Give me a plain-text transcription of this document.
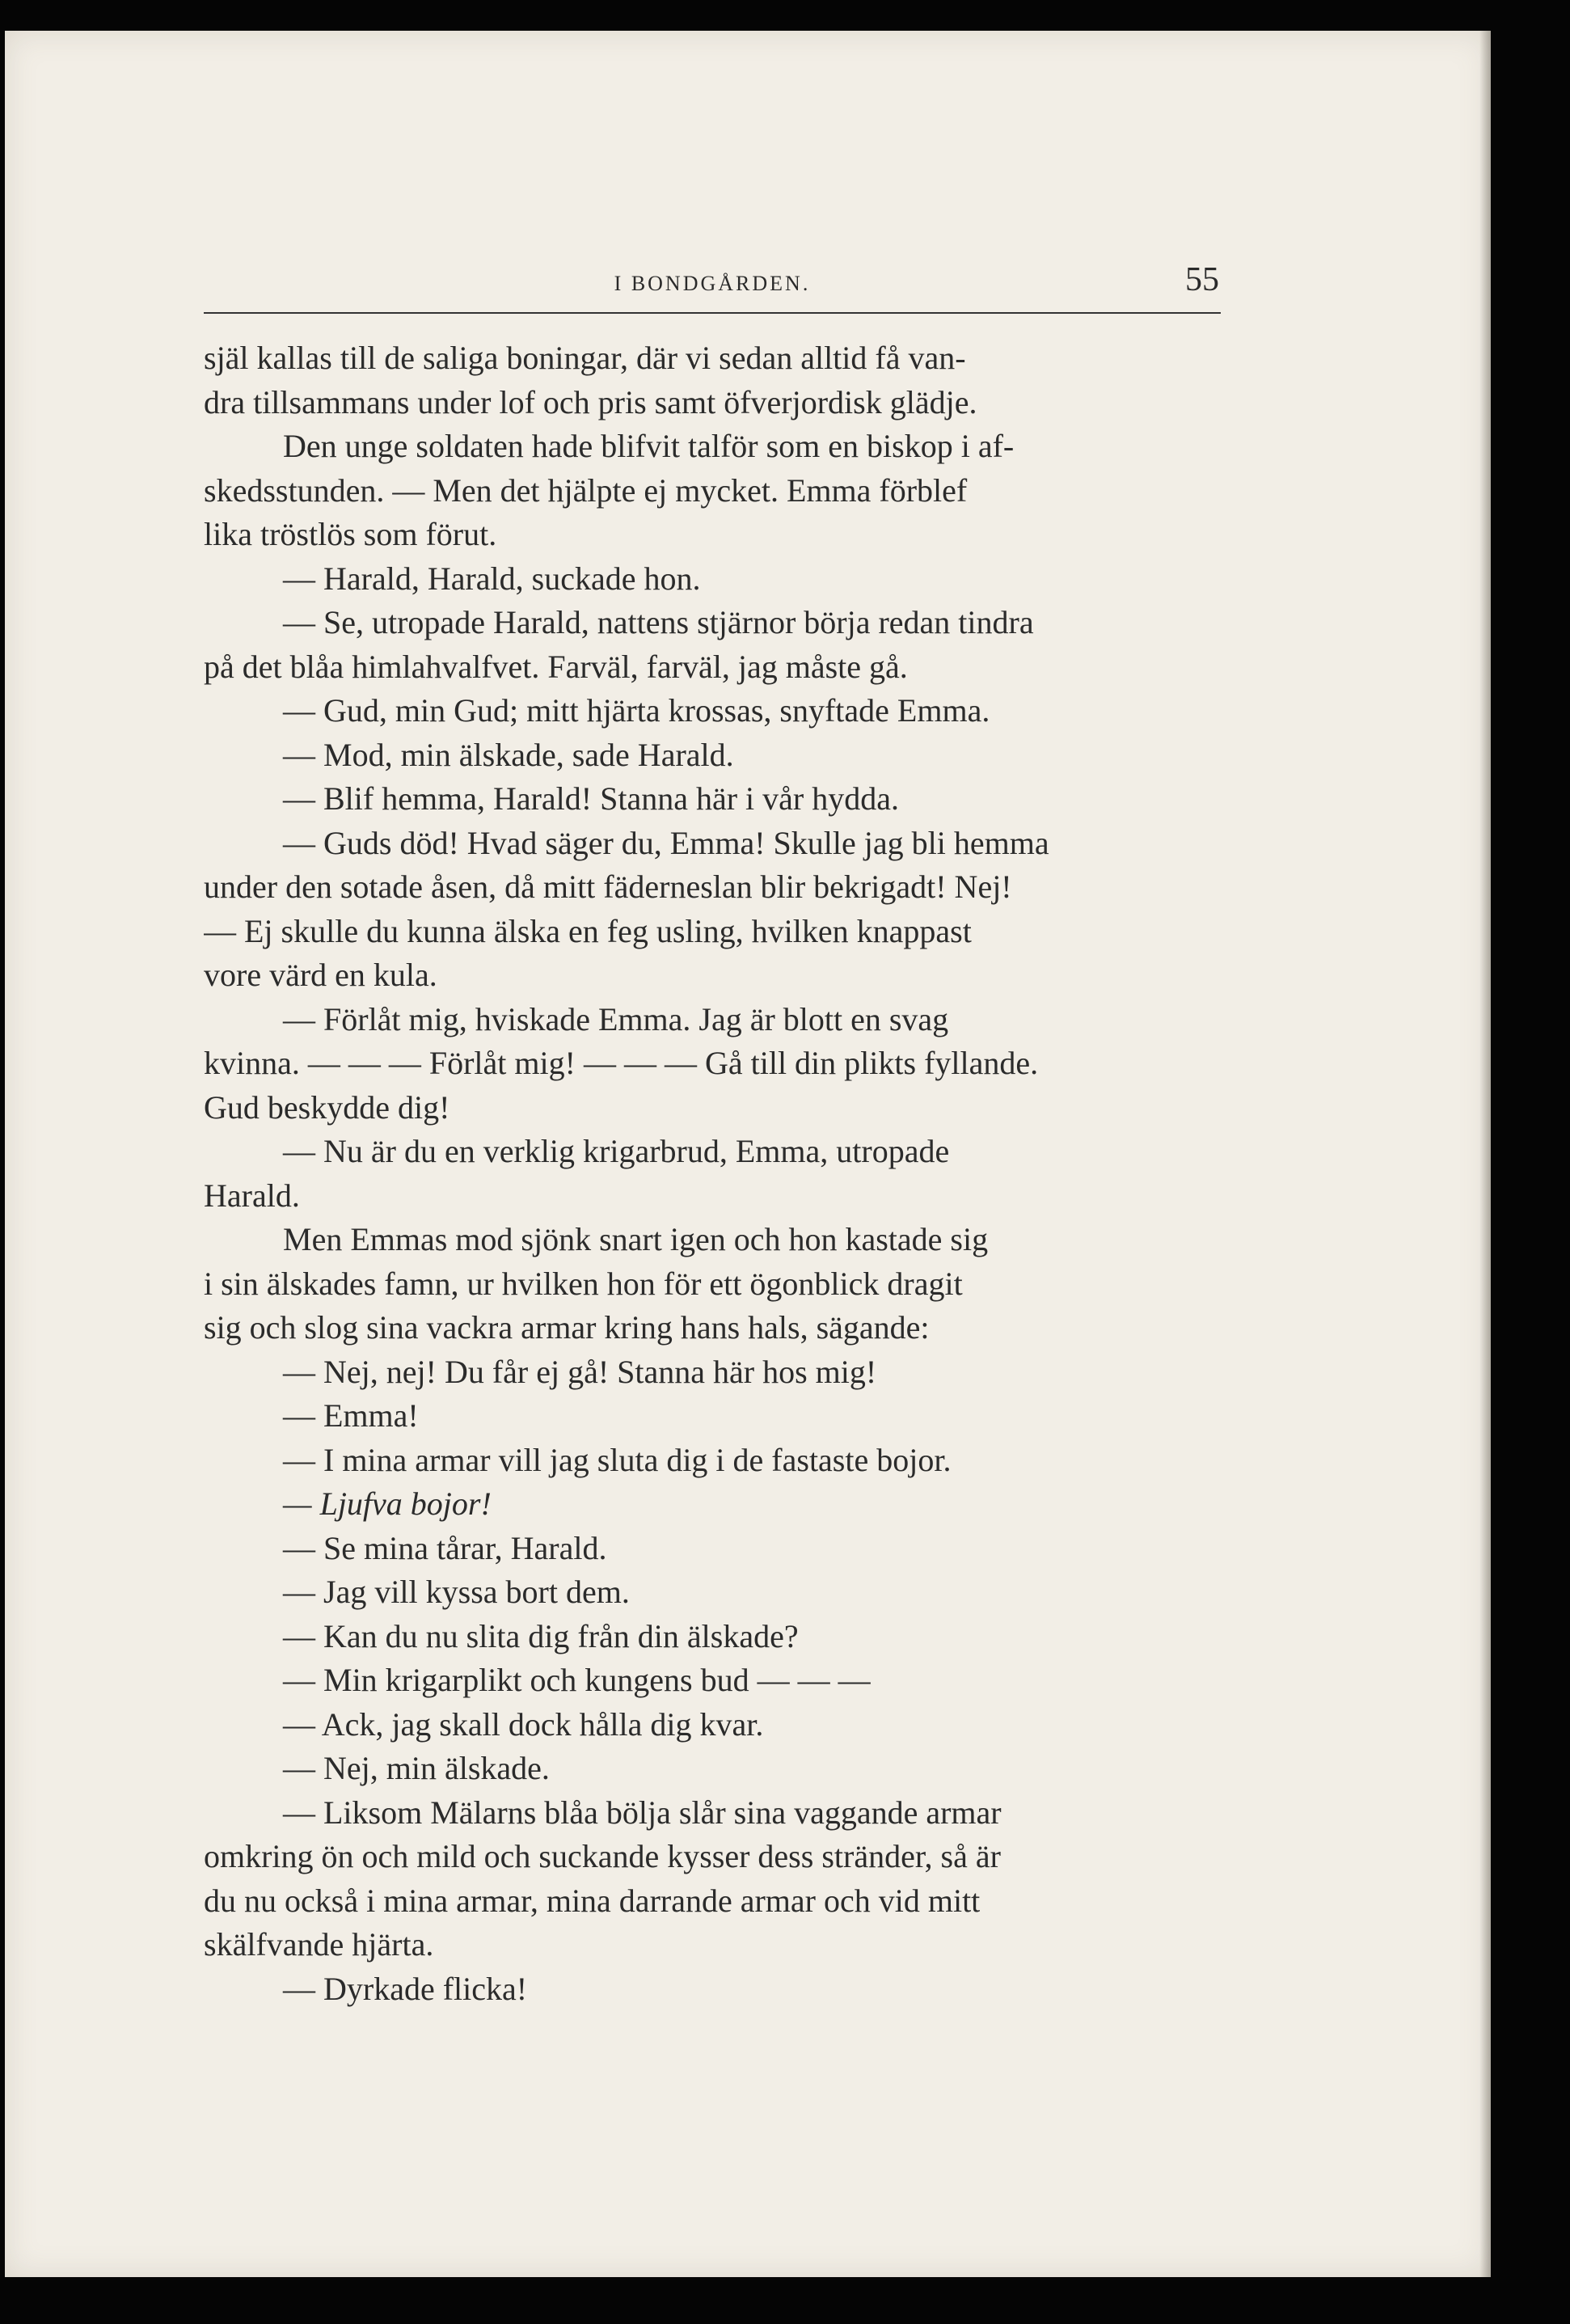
I BONDGÅRDEN.	55
själ kallas till de saliga boningar, där vi sedan alltid få van-
dra tillsammans under lof och pris samt öfverjordisk glädje.
Den unge soldaten hade blifvit talför som en biskop i af-
skedsstunden. — Men det hjälpte ej mycket. Emma förblef
lika tröstlös som förut.
— Harald, Harald, suckade hon.
— Se, utropade Harald, nattens stjärnor börja redan tindra
på det blåa himlahvalfvet. Farväl, farväl, jag måste gå.
— Gud, min Gud; mitt hjärta krossas, snyftade Emma.
— Mod, min älskade, sade Harald.
— Blif hemma, Harald! Stanna här i vår hydda.
— Guds död! Hvad säger du, Emma! Skulle jag bli hemma
under den sotade åsen, då mitt fäderneslan blir bekrigadt! Nej!
— Ej skulle du kunna älska en feg usling, hvilken knappast
vore värd en kula.
— Förlåt mig, hviskade Emma. Jag är blott en svag
kvinna. — — — Förlåt mig! — — — Gå till din plikts fyllande.
Gud beskydde dig!
— Nu är du en verklig krigarbrud, Emma, utropade
Harald.
Men Emmas mod sjönk snart igen och hon kastade sig
i sin älskades famn, ur hvilken hon för ett ögonblick dragit
sig och slog sina vackra armar kring hans hals, sägande:
— Nej, nej! Du får ej gå! Stanna här hos mig!
— Emma!
— I mina armar vill jag sluta dig i de fastaste bojor.
— Ljufva bojor!
— Se mina tårar, Harald.
— Jag vill kyssa bort dem.
— Kan du nu slita dig från din älskade?
— Min krigarplikt och kungens bud — — —
— Ack, jag skall dock hålla dig kvar.
— Nej, min älskade.
— Liksom Mälarns blåa bölja slår sina vaggande armar
omkring ön och mild och suckande kysser dess stränder, så är
du nu också i mina armar, mina darrande armar och vid mitt
skälfvande hjärta.
— Dyrkade flicka!
